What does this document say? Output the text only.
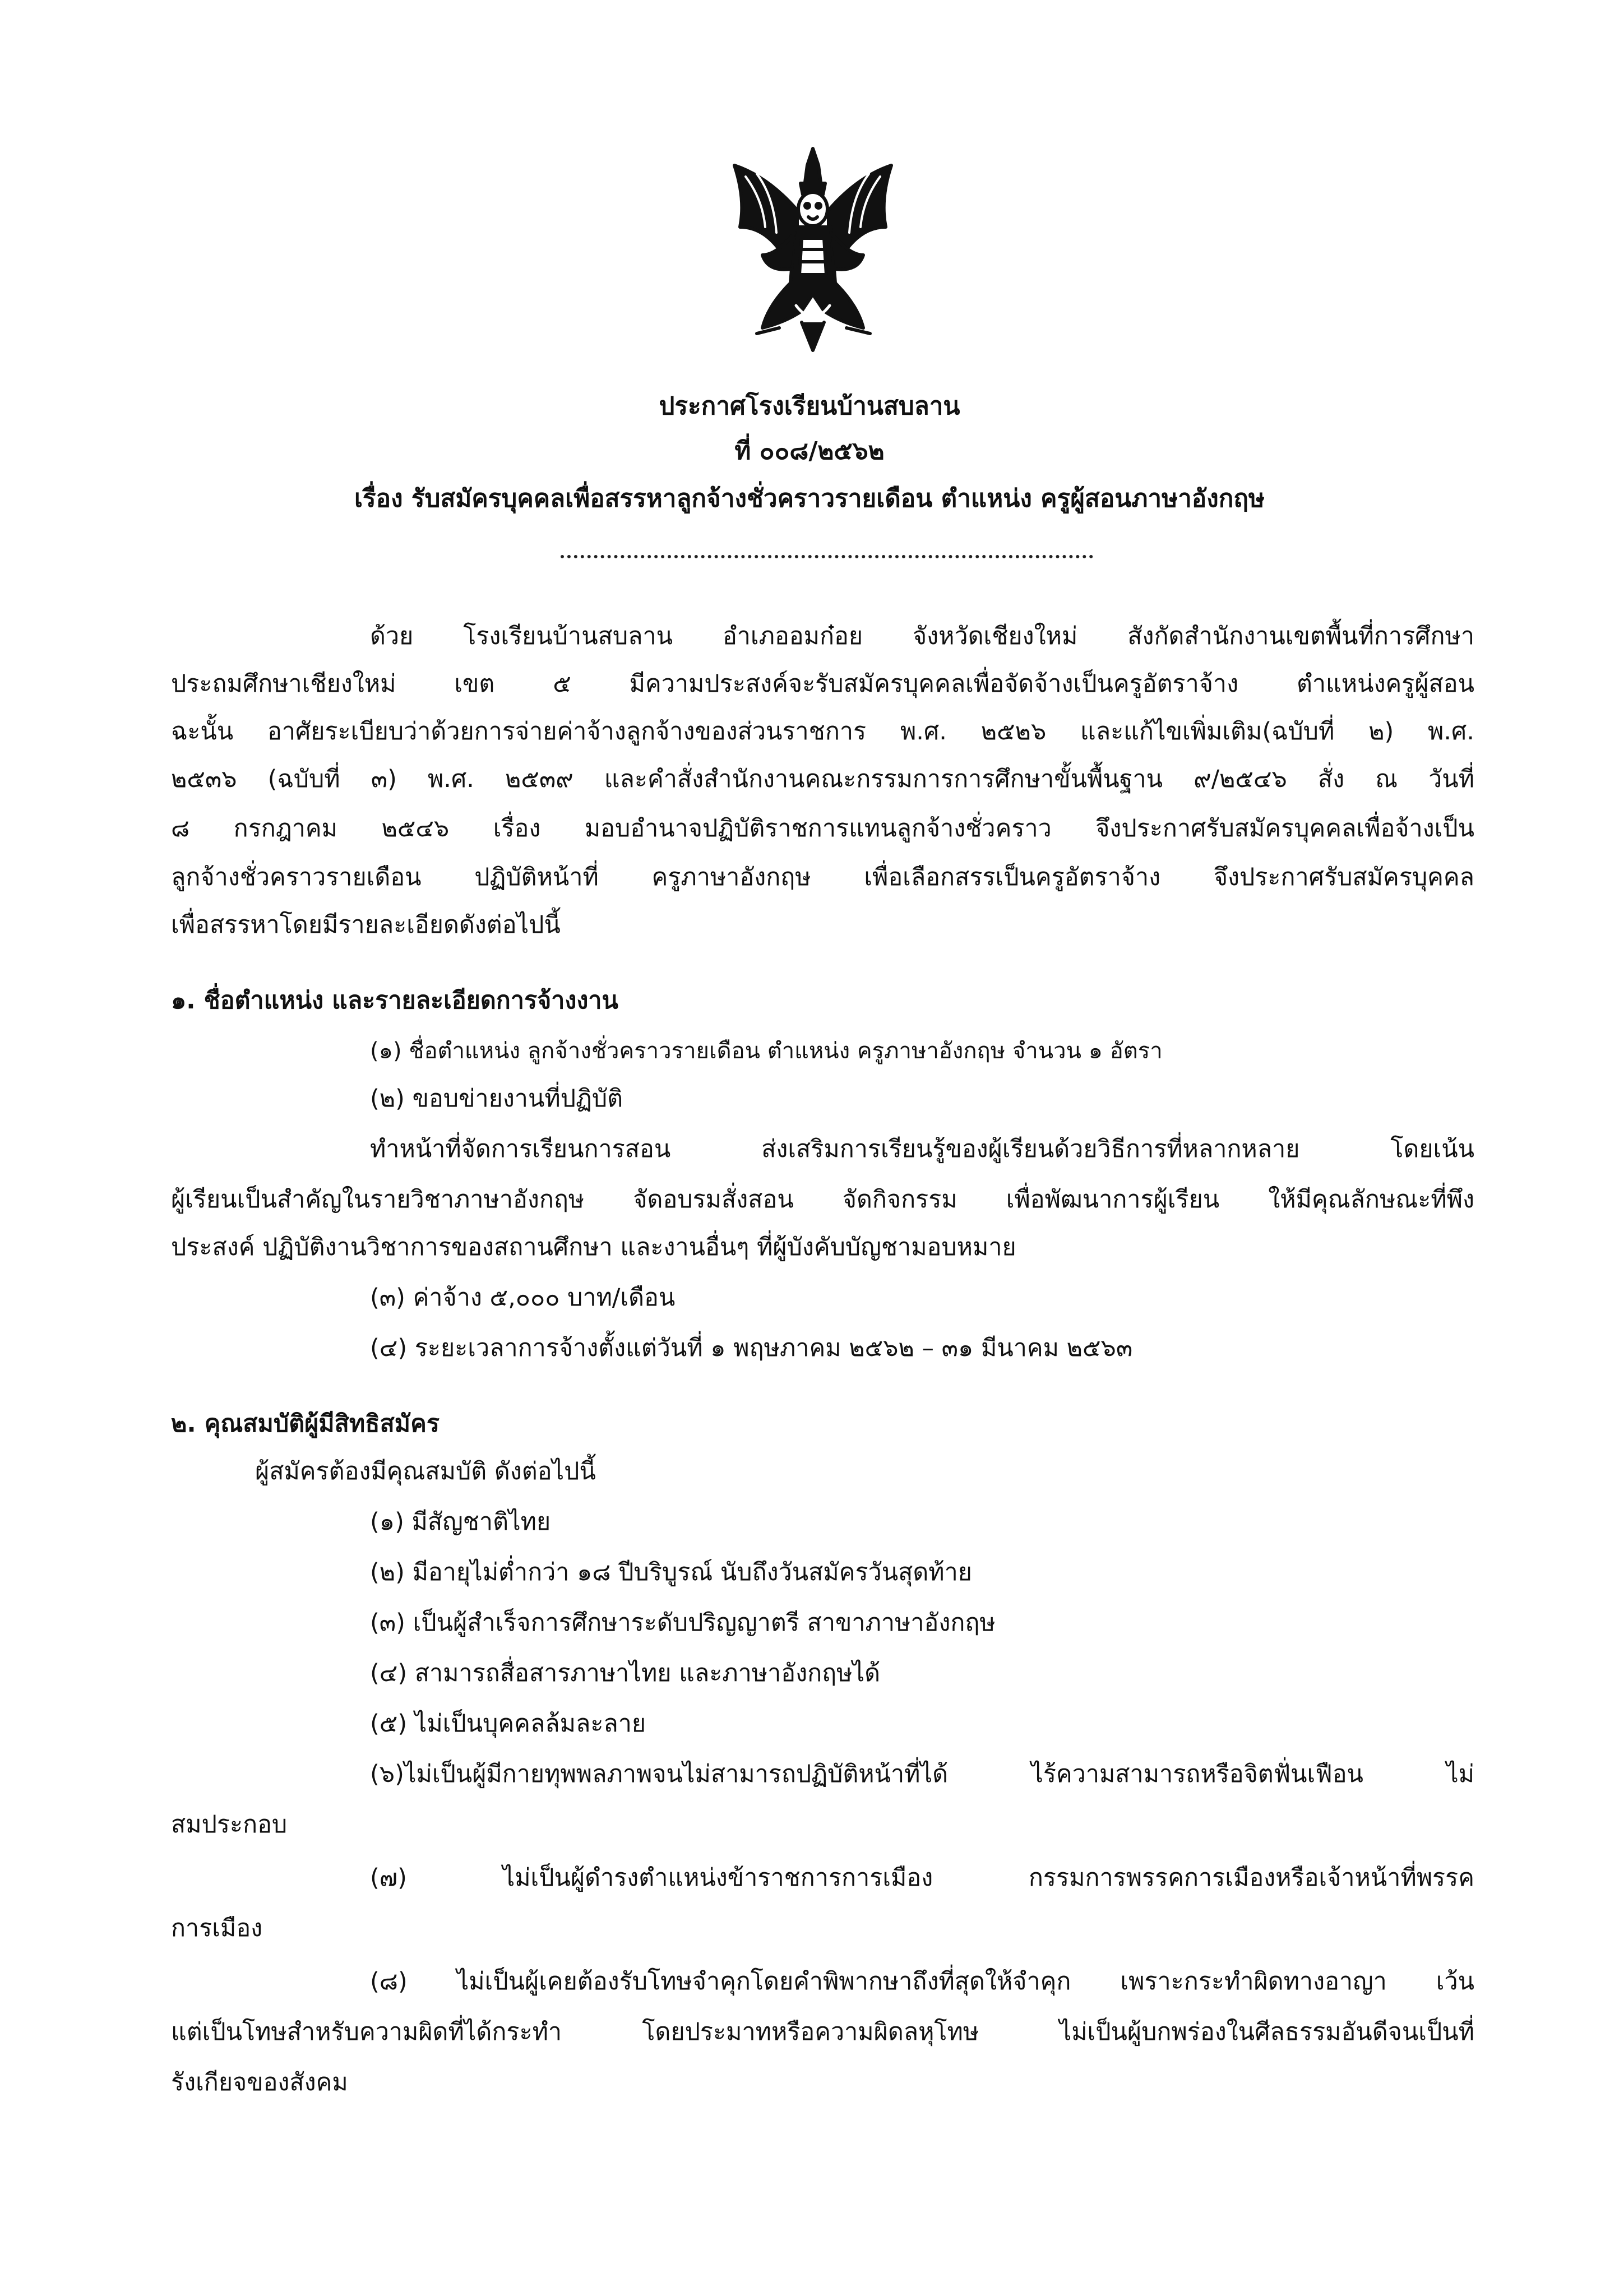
ประกาศโรงเรียนบ้านสบลาน
ที่ ๐๐๘/๒๕๖๒
เรื่อง รับสมัครบุคคลเพื่อสรรหาลูกจ้างชั่วคราวรายเดือน ตำแหน่ง ครูผู้สอนภาษาอังกฤษ
ด้วย โรงเรียนบ้านสบลาน อำเภออมก๋อย จังหวัดเชียงใหม่ สังกัดสำนักงานเขตพื้นที่การศึกษา
ประถมศึกษาเชียงใหม่ เขต ๕ มีความประสงค์จะรับสมัครบุคคลเพื่อจัดจ้างเป็นครูอัตราจ้าง ตำแหน่งครูผู้สอน
ฉะนั้น อาศัยระเบียบว่าด้วยการจ่ายค่าจ้างลูกจ้างของส่วนราชการ พ.ศ. ๒๕๒๖ และแก้ไขเพิ่มเติม(ฉบับที่ ๒) พ.ศ.
๒๕๓๖ (ฉบับที่ ๓) พ.ศ. ๒๕๓๙ และคำสั่งสำนักงานคณะกรรมการการศึกษาขั้นพื้นฐาน ๙/๒๕๔๖ สั่ง ณ วันที่
๘ กรกฎาคม ๒๕๔๖ เรื่อง มอบอำนาจปฏิบัติราชการแทนลูกจ้างชั่วคราว จึงประกาศรับสมัครบุคคลเพื่อจ้างเป็น
ลูกจ้างชั่วคราวรายเดือน ปฏิบัติหน้าที่ ครูภาษาอังกฤษ เพื่อเลือกสรรเป็นครูอัตราจ้าง จึงประกาศรับสมัครบุคคล
เพื่อสรรหาโดยมีรายละเอียดดังต่อไปนี้
๑. ชื่อตำแหน่ง และรายละเอียดการจ้างงาน
(๑) ชื่อตำแหน่ง ลูกจ้างชั่วคราวรายเดือน ตำแหน่ง ครูภาษาอังกฤษ จำนวน ๑ อัตรา
(๒) ขอบข่ายงานที่ปฏิบัติ
ทำหน้าที่จัดการเรียนการสอน ส่งเสริมการเรียนรู้ของผู้เรียนด้วยวิธีการที่หลากหลาย โดยเน้น
ผู้เรียนเป็นสำคัญในรายวิชาภาษาอังกฤษ จัดอบรมสั่งสอน จัดกิจกรรม เพื่อพัฒนาการผู้เรียน ให้มีคุณลักษณะที่พึง
ประสงค์ ปฏิบัติงานวิชาการของสถานศึกษา และงานอื่นๆ ที่ผู้บังคับบัญชามอบหมาย
(๓) ค่าจ้าง ๕,๐๐๐ บาท/เดือน
(๔) ระยะเวลาการจ้างตั้งแต่วันที่ ๑ พฤษภาคม ๒๕๖๒ – ๓๑ มีนาคม ๒๕๖๓
๒. คุณสมบัติผู้มีสิทธิสมัคร
ผู้สมัครต้องมีคุณสมบัติ ดังต่อไปนี้
(๑) มีสัญชาติไทย
(๒) มีอายุไม่ต่ำกว่า ๑๘ ปีบริบูรณ์ นับถึงวันสมัครวันสุดท้าย
(๓) เป็นผู้สำเร็จการศึกษาระดับปริญญาตรี สาขาภาษาอังกฤษ
(๔) สามารถสื่อสารภาษาไทย และภาษาอังกฤษได้
(๕) ไม่เป็นบุคคลล้มละลาย
(๖)ไม่เป็นผู้มีกายทุพพลภาพจนไม่สามารถปฏิบัติหน้าที่ได้ ไร้ความสามารถหรือจิตฟั่นเฟือน ไม่
สมประกอบ
(๗) ไม่เป็นผู้ดำรงตำแหน่งข้าราชการการเมือง กรรมการพรรคการเมืองหรือเจ้าหน้าที่พรรค
การเมือง
(๘) ไม่เป็นผู้เคยต้องรับโทษจำคุกโดยคำพิพากษาถึงที่สุดให้จำคุก เพราะกระทำผิดทางอาญา เว้น
แต่เป็นโทษสำหรับความผิดที่ได้กระทำ โดยประมาทหรือความผิดลหุโทษ ไม่เป็นผู้บกพร่องในศีลธรรมอันดีจนเป็นที่
รังเกียจของสังคม
